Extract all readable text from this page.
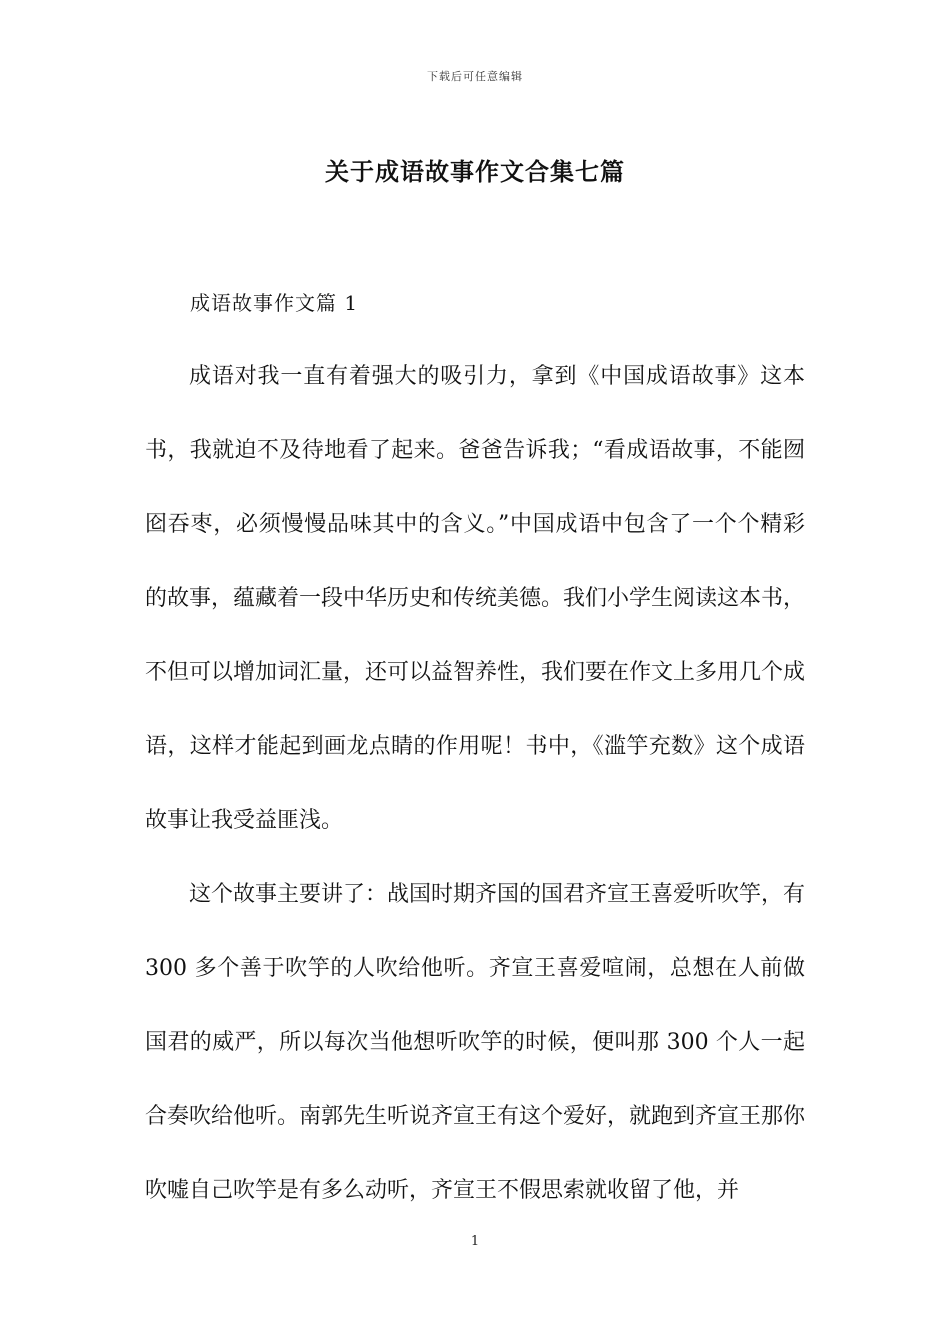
下载后可任意编辑
关于成语故事作文合集七篇
成语故事作文篇 1

成语对我一直有着强大的吸引力，拿到《中国成语故事》这本书，我就迫不及待地看了起来。爸爸告诉我；“看成语故事，不能囫囵吞枣，必须慢慢品味其中的含义。”中国成语中包含了一个个精彩的故事，蕴藏着一段中华历史和传统美德。我们小学生阅读这本书，不但可以增加词汇量，还可以益智养性，我们要在作文上多用几个成语，这样才能起到画龙点睛的作用呢！书中，《滥竽充数》这个成语故事让我受益匪浅。

这个故事主要讲了：战国时期齐国的国君齐宣王喜爱听吹竽，有 300 多个善于吹竽的人吹给他听。齐宣王喜爱喧闹，总想在人前做国君的威严，所以每次当他想听吹竽的时候，便叫那 300 个人一起合奏吹给他听。南郭先生听说齐宣王有这个爱好，就跑到齐宣王那你吹嘘自己吹竽是有多么动听，齐宣王不假思索就收留了他，并

1
